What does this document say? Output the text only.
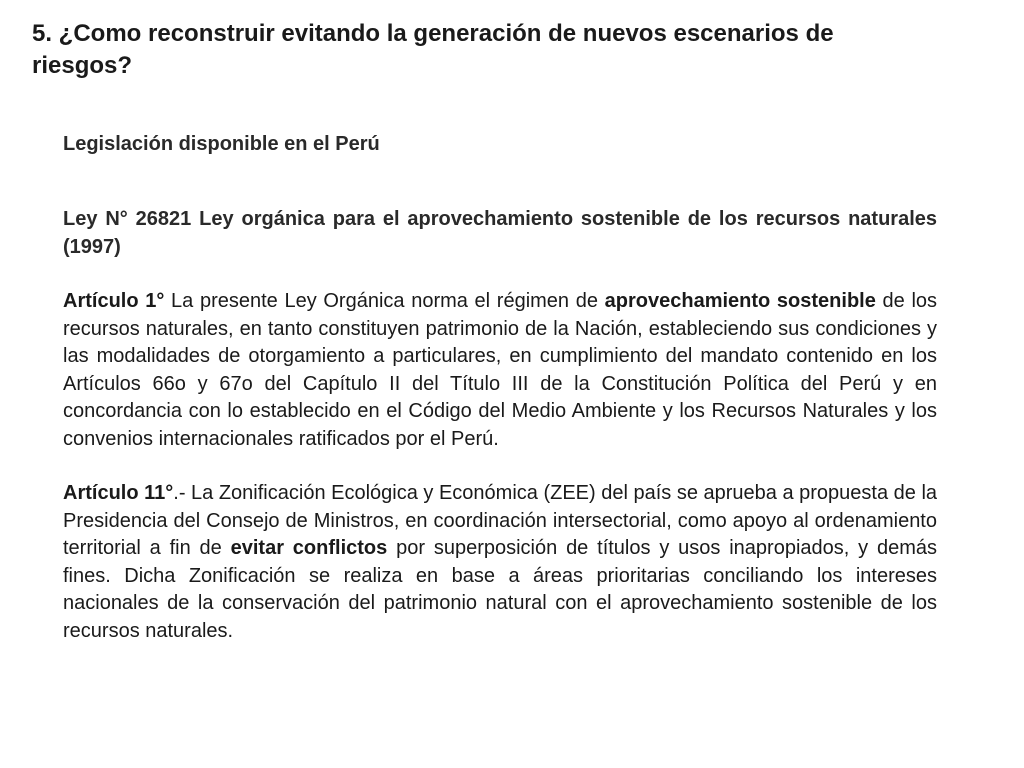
5. ¿Como reconstruir evitando la generación de nuevos escenarios de riesgos?

Legislación disponible en el Perú

Ley N° 26821 Ley orgánica para el aprovechamiento sostenible de los recursos naturales (1997)

Artículo 1° La presente Ley Orgánica norma el régimen de aprovechamiento sostenible de los recursos naturales, en tanto constituyen patrimonio de la Nación, estableciendo sus condiciones y las modalidades de otorgamiento a particulares, en cumplimiento del mandato contenido en los Artículos 66o y 67o del Capítulo II del Título III de la Constitución Política del Perú y en concordancia con lo establecido en el Código del Medio Ambiente y los Recursos Naturales y los convenios internacionales ratificados por el Perú.

Artículo 11°.- La Zonificación Ecológica y Económica (ZEE) del país se aprueba a propuesta de la Presidencia del Consejo de Ministros, en coordinación intersectorial, como apoyo al ordenamiento territorial a fin de evitar conflictos por superposición de títulos y usos inapropiados, y demás fines. Dicha Zonificación se realiza en base a áreas prioritarias conciliando los intereses nacionales de la conservación del patrimonio natural con el aprovechamiento sostenible de los recursos naturales.
